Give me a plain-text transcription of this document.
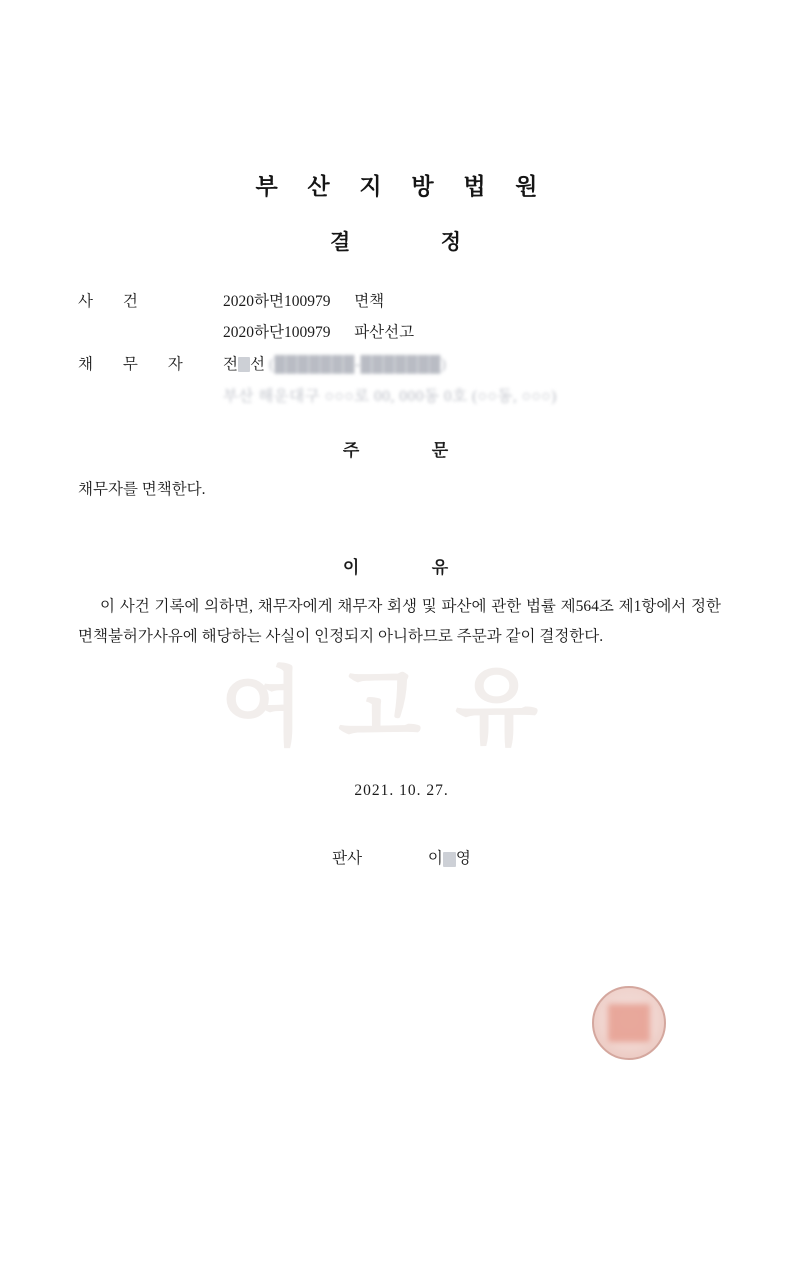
여고유
부 산 지 방 법 원
결	정
사 건	2020하면100979 면책
2020하단100979 파산선고
채 무 자	전 선 (███████-███████)
부산 해운대구 ○○○로 00, 000동 0호 (○○동, ○○○)
주	문
채무자를 면책한다.
이	유
이 사건 기록에 의하면, 채무자에게 채무자 회생 및 파산에 관한 법률 제564조 제1항에서 정한 면책불허가사유에 해당하는 사실이 인정되지 아니하므로 주문과 같이 결정한다.
2021. 10. 27.
판사	이 영
